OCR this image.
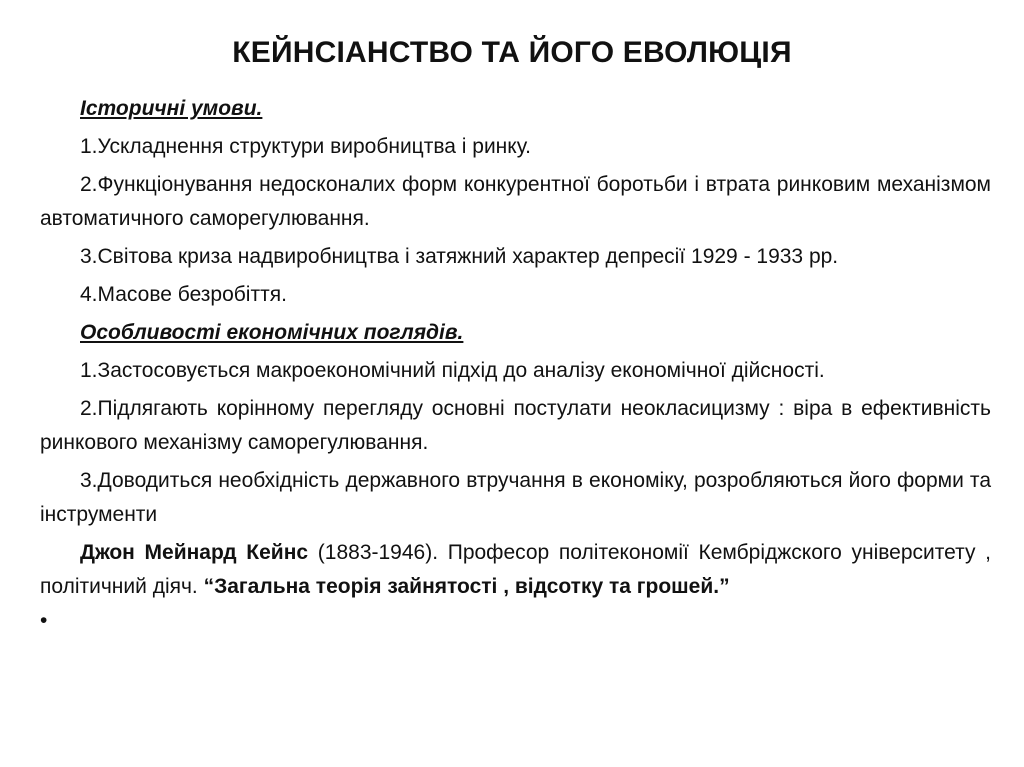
КЕЙНСІАНСТВО ТА ЙОГО ЕВОЛЮЦІЯ

Історичні умови.

1.Ускладнення структури виробництва і ринку.

2.Функціонування недосконалих форм конкурентної боротьби і втрата ринковим механізмом автоматичного саморегулювання.

3.Світова криза надвиробництва і затяжний характер депресії 1929 - 1933 рр.

4.Масове безробіття.

Особливості економічних поглядів.

1.Застосовується макроекономічний підхід до аналізу економічної дійсності.

2.Підлягають корінному перегляду основні постулати неокласицизму : віра в ефективність ринкового механізму саморегулювання.

3.Доводиться необхідність державного втручання в економіку, розробляються його форми та інструменти

Джон Мейнард Кейнс (1883-1946). Професор політекономії Кембріджского університету , політичний діяч. “Загальна теорія зайнятості , відсотку та грошей.”

•
